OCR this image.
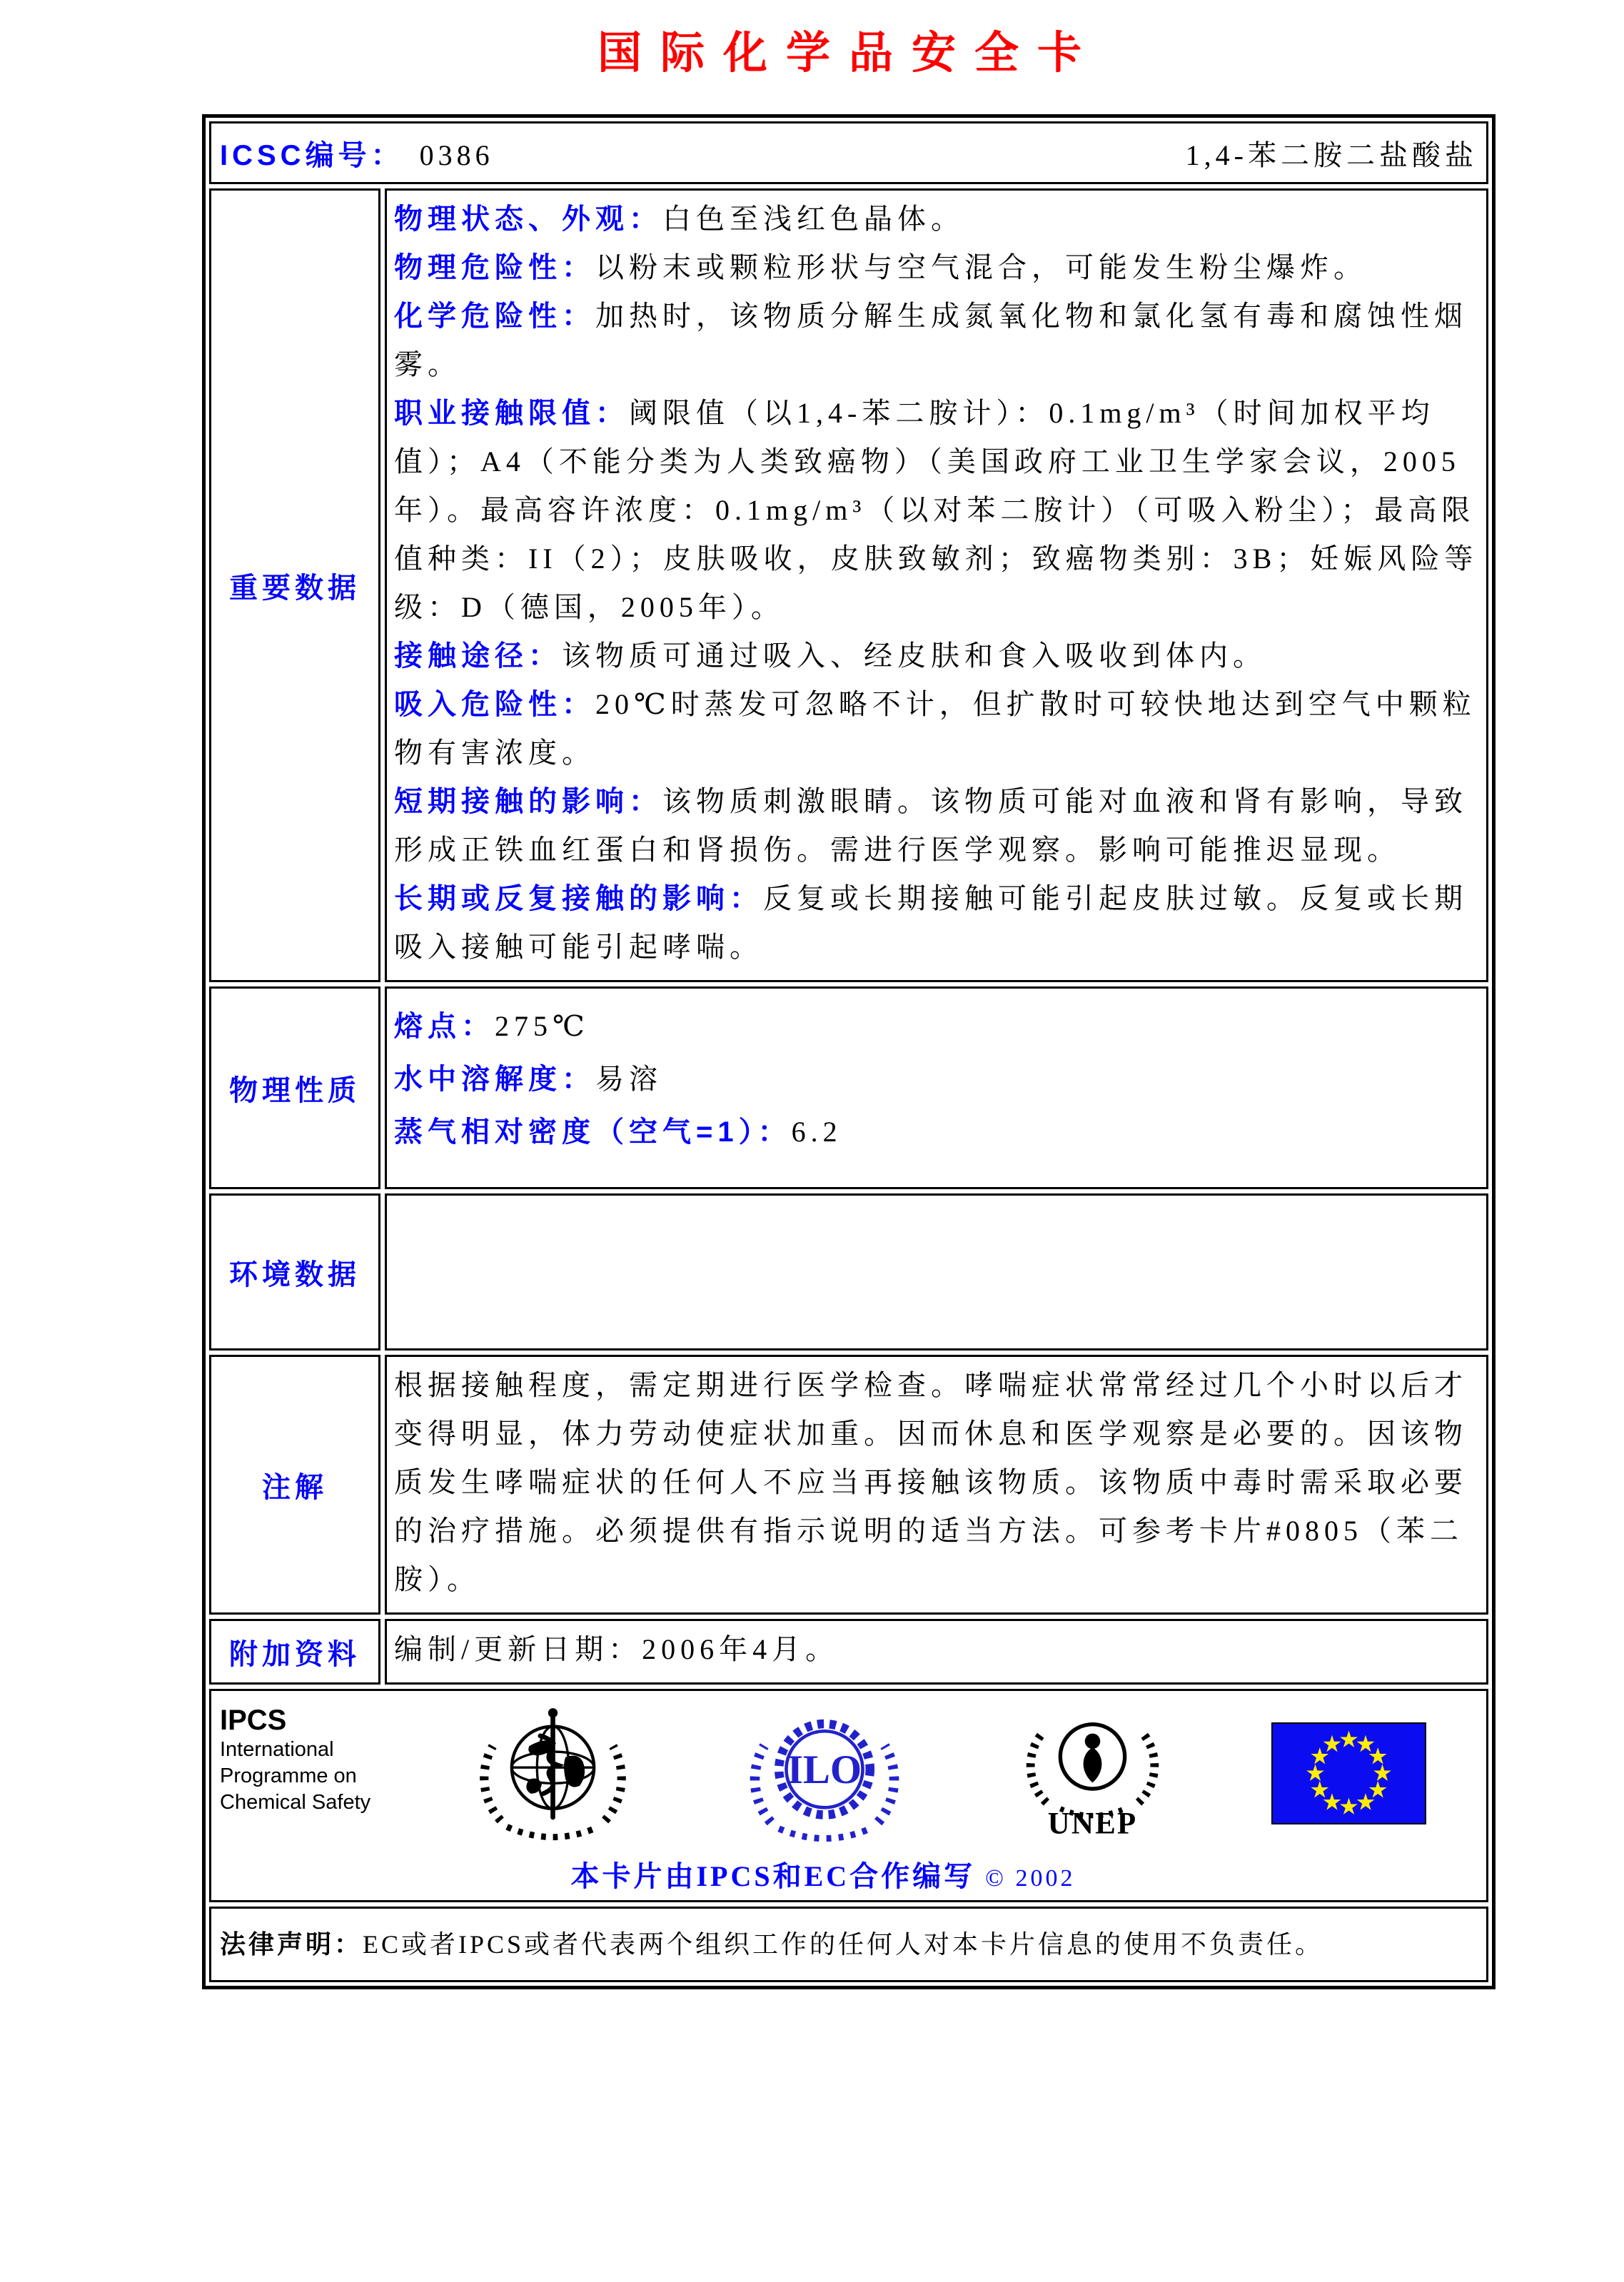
国际化学品安全卡
ICSC编号： 0386	1,4-苯二胺二盐酸盐
重要数据
物理状态、外观：白色至浅红色晶体。
物理危险性：以粉末或颗粒形状与空气混合，可能发生粉尘爆炸。
化学危险性：加热时，该物质分解生成氮氧化物和氯化氢有毒和腐蚀性烟雾。
职业接触限值：阈限值（以1,4-苯二胺计）：0.1mg/m³（时间加权平均值）；A4（不能分类为人类致癌物）（美国政府工业卫生学家会议，2005年）。最高容许浓度：0.1mg/m³（以对苯二胺计）（可吸入粉尘）；最高限值种类：II（2）；皮肤吸收，皮肤致敏剂；致癌物类别：3B；妊娠风险等级：D（德国，2005年）。
接触途径：该物质可通过吸入、经皮肤和食入吸收到体内。
吸入危险性：20℃时蒸发可忽略不计，但扩散时可较快地达到空气中颗粒物有害浓度。
短期接触的影响：该物质刺激眼睛。该物质可能对血液和肾有影响，导致形成正铁血红蛋白和肾损伤。需进行医学观察。影响可能推迟显现。
长期或反复接触的影响：反复或长期接触可能引起皮肤过敏。反复或长期吸入接触可能引起哮喘。
物理性质
熔点：275℃
水中溶解度：易溶
蒸气相对密度（空气=1）：6.2
环境数据
注解
根据接触程度，需定期进行医学检查。哮喘症状常常经过几个小时以后才变得明显，体力劳动使症状加重。因而休息和医学观察是必要的。因该物质发生哮喘症状的任何人不应当再接触该物质。该物质中毒时需采取必要的治疗措施。必须提供有指示说明的适当方法。可参考卡片#0805（苯二胺）。
附加资料	编制/更新日期：2006年4月。
IPCS
International
Programme on
Chemical Safety
ILO
UNEP
本卡片由IPCS和EC合作编写 © 2002
法律声明： EC或者IPCS或者代表两个组织工作的任何人对本卡片信息的使用不负责任。
